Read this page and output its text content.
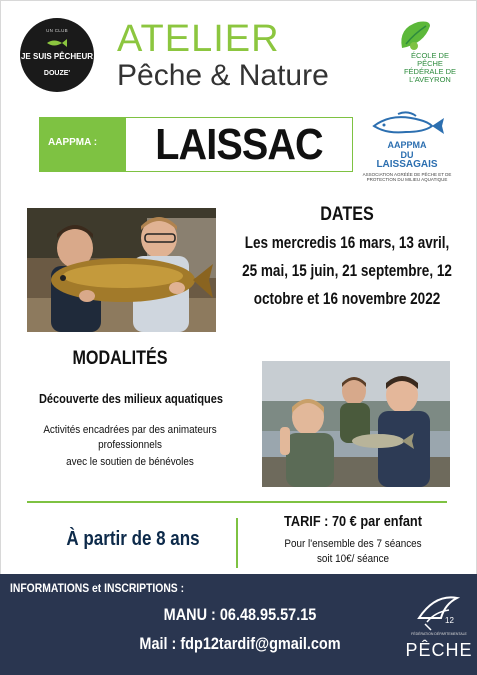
UN CLUB
JE SUIS PÊCHEUR
DOUZE'
ATELIER
Pêche & Nature
ÉCOLE DE PÊCHE FÉDÉRALE DE L'AVEYRON
AAPPMA :	LAISSAC	AAPPMA
DU
LAISSAGAIS
ASSOCIATION AGRÉÉE DE PÊCHE ET DE PROTECTION DU MILIEU AQUATIQUE
DATES
Les mercredis 16 mars, 13 avril,
25 mai, 15 juin, 21 septembre, 12
octobre et 16 novembre 2022
MODALITÉS
Découverte des milieux aquatiques
Activités encadrées par des animateurs
professionnels
avec le soutien de bénévoles
À partir de 8 ans
TARIF : 70 € par enfant
Pour l'ensemble des 7 séances
soit 10€/ séance
INFORMATIONS et INSCRIPTIONS :
MANU : 06.48.95.57.15
Mail : fdp12tardif@gmail.com
12
FÉDÉRATION DÉPARTEMENTALE
PÊCHE
